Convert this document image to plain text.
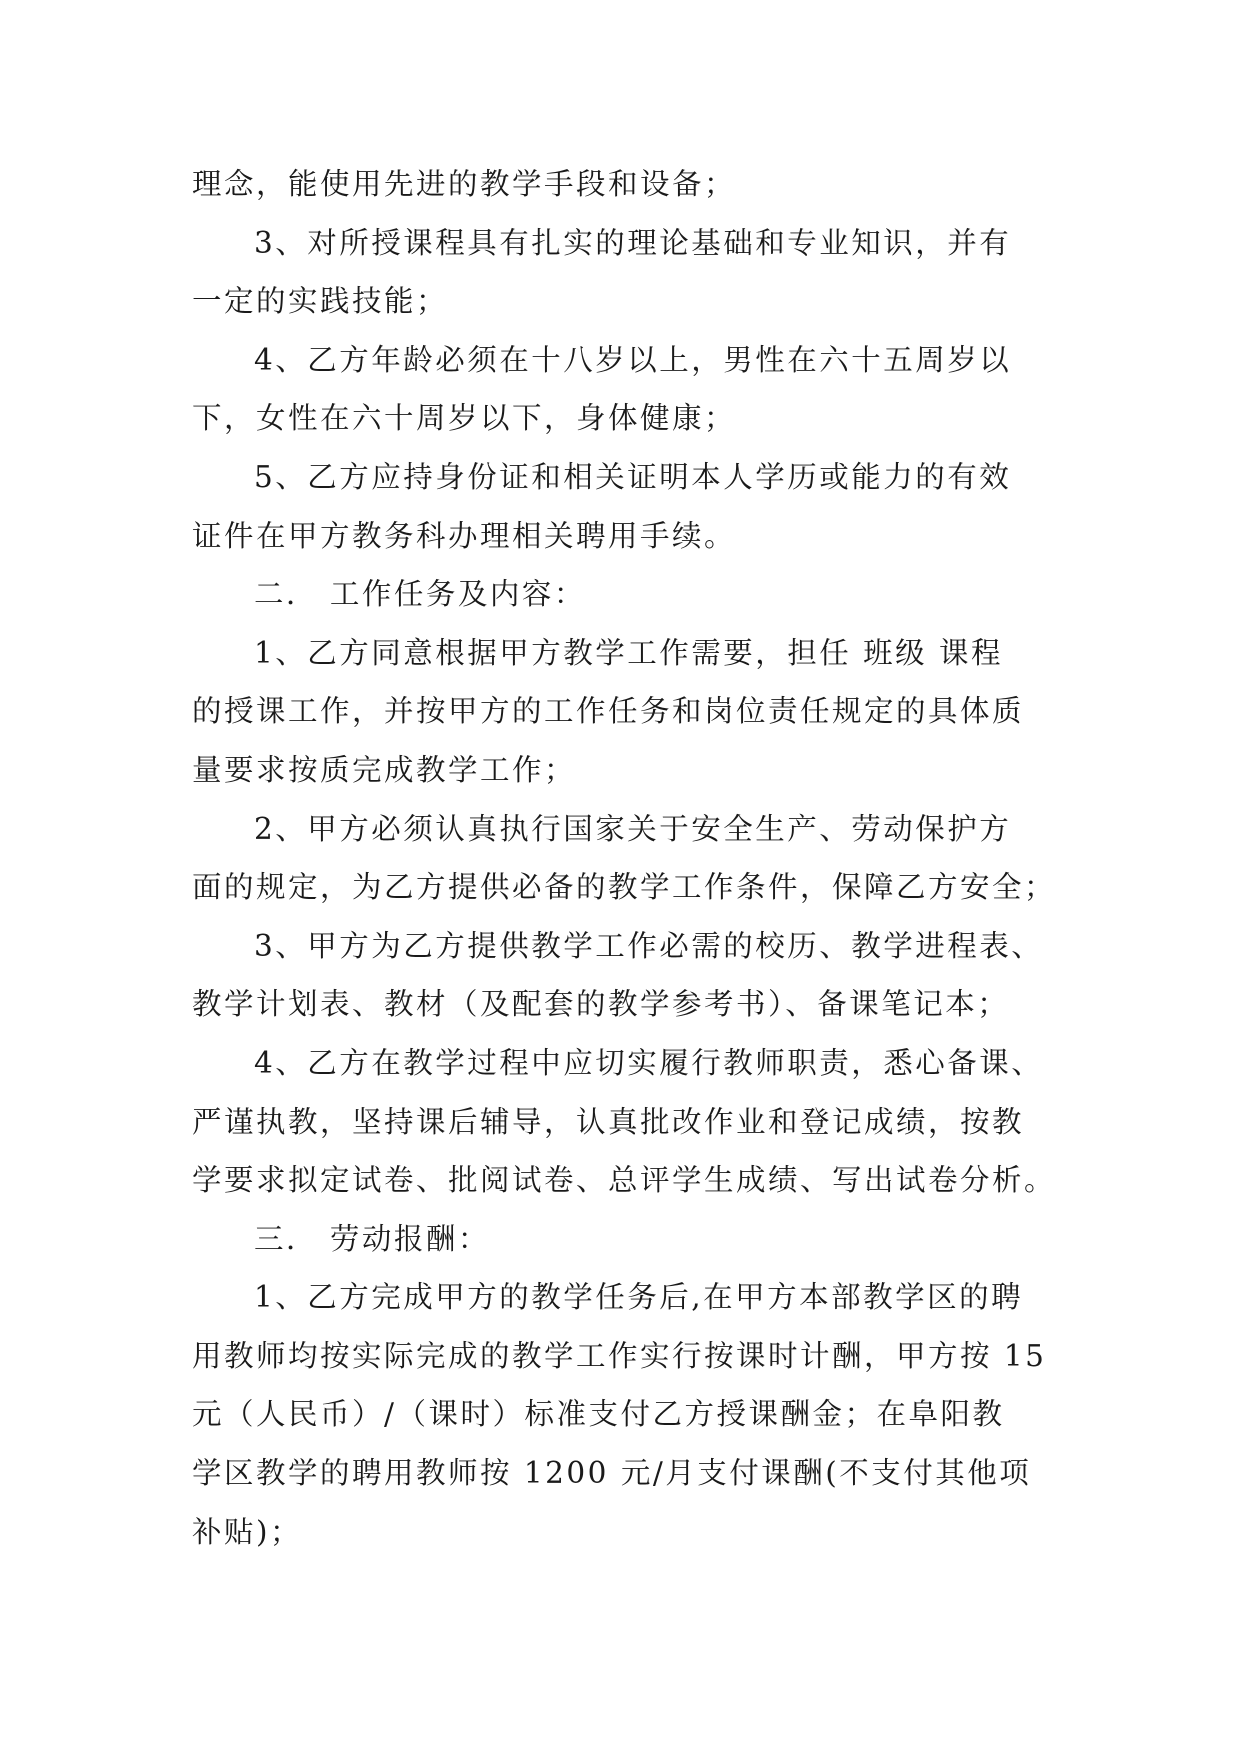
理念，能使用先进的教学手段和设备；
3、对所授课程具有扎实的理论基础和专业知识，并有
一定的实践技能；
4、乙方年龄必须在十八岁以上，男性在六十五周岁以
下，女性在六十周岁以下，身体健康；
5、乙方应持身份证和相关证明本人学历或能力的有效
证件在甲方教务科办理相关聘用手续。
二． 工作任务及内容：
1、乙方同意根据甲方教学工作需要，担任 班级 课程
的授课工作，并按甲方的工作任务和岗位责任规定的具体质
量要求按质完成教学工作；
2、甲方必须认真执行国家关于安全生产、劳动保护方
面的规定，为乙方提供必备的教学工作条件，保障乙方安全；
3、甲方为乙方提供教学工作必需的校历、教学进程表、
教学计划表、教材（及配套的教学参考书）、备课笔记本；
4、乙方在教学过程中应切实履行教师职责，悉心备课、
严谨执教，坚持课后辅导，认真批改作业和登记成绩，按教
学要求拟定试卷、批阅试卷、总评学生成绩、写出试卷分析。
三． 劳动报酬：
1、乙方完成甲方的教学任务后,在甲方本部教学区的聘
用教师均按实际完成的教学工作实行按课时计酬，甲方按 15
元（人民币）/（课时）标准支付乙方授课酬金；在阜阳教
学区教学的聘用教师按 1200 元/月支付课酬(不支付其他项
补贴)；
